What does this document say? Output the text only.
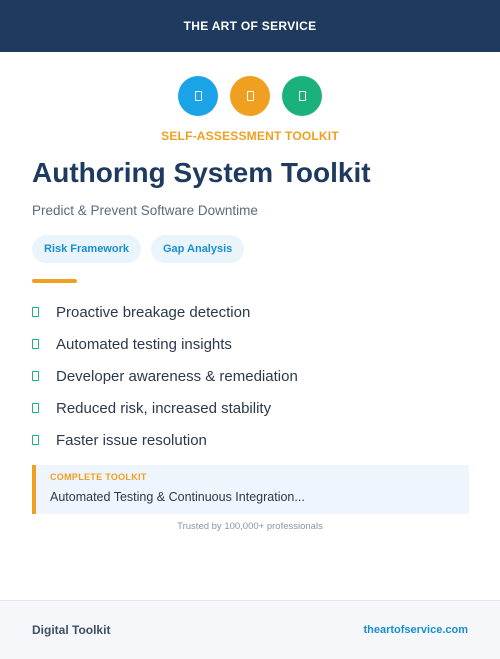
THE ART OF SERVICE
SELF-ASSESSMENT TOOLKIT
Authoring System Toolkit
Predict & Prevent Software Downtime
Risk Framework	Gap Analysis
Proactive breakage detection
Automated testing insights
Developer awareness & remediation
Reduced risk, increased stability
Faster issue resolution
COMPLETE TOOLKIT
Automated Testing & Continuous Integration...
Trusted by 100,000+ professionals
Digital Toolkit	theartofservice.com
